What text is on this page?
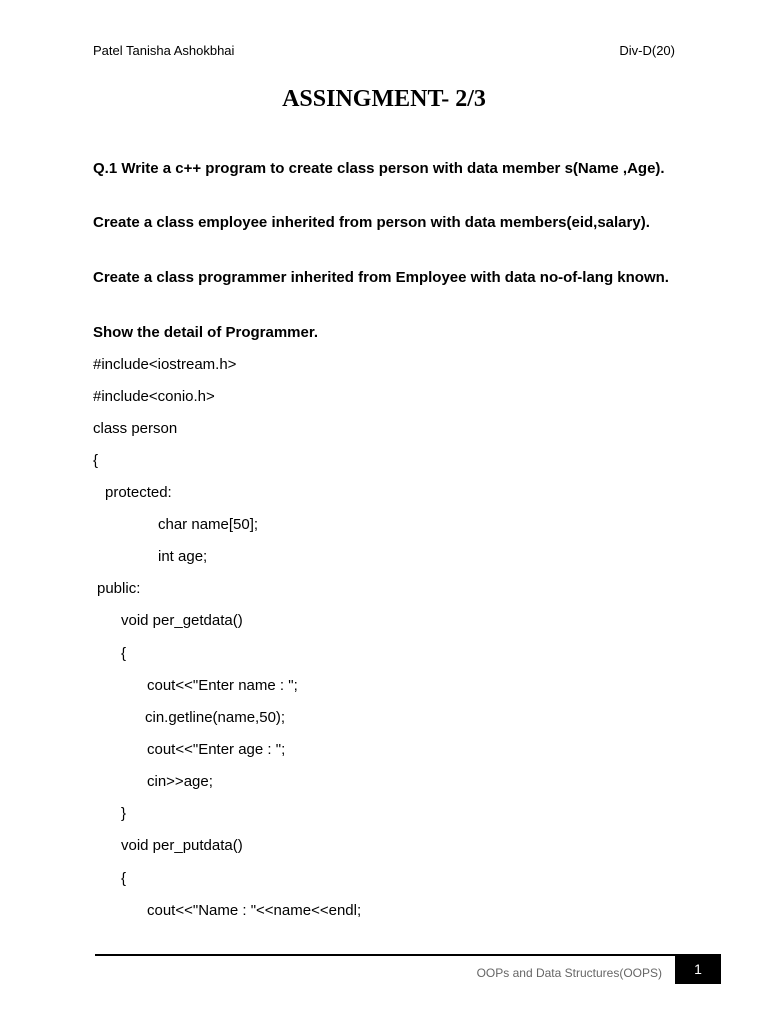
Patel Tanisha Ashokbhai	Div-D(20)
ASSINGMENT- 2/3
Q.1 Write a c++ program to create class person with data member s(Name ,Age).
Create a class employee inherited from person with data members(eid,salary).
Create a class programmer inherited from Employee with data no-of-lang known.
Show the detail of Programmer.
#include<iostream.h>
#include<conio.h>
class person
{
protected:
char name[50];
int age;
public:
void per_getdata()
{
cout<<"Enter name : ";
cin.getline(name,50);
cout<<"Enter age : ";
cin>>age;
}
void per_putdata()
{
cout<<"Name : "<<name<<endl;
OOPs and Data Structures(OOPS)	1
